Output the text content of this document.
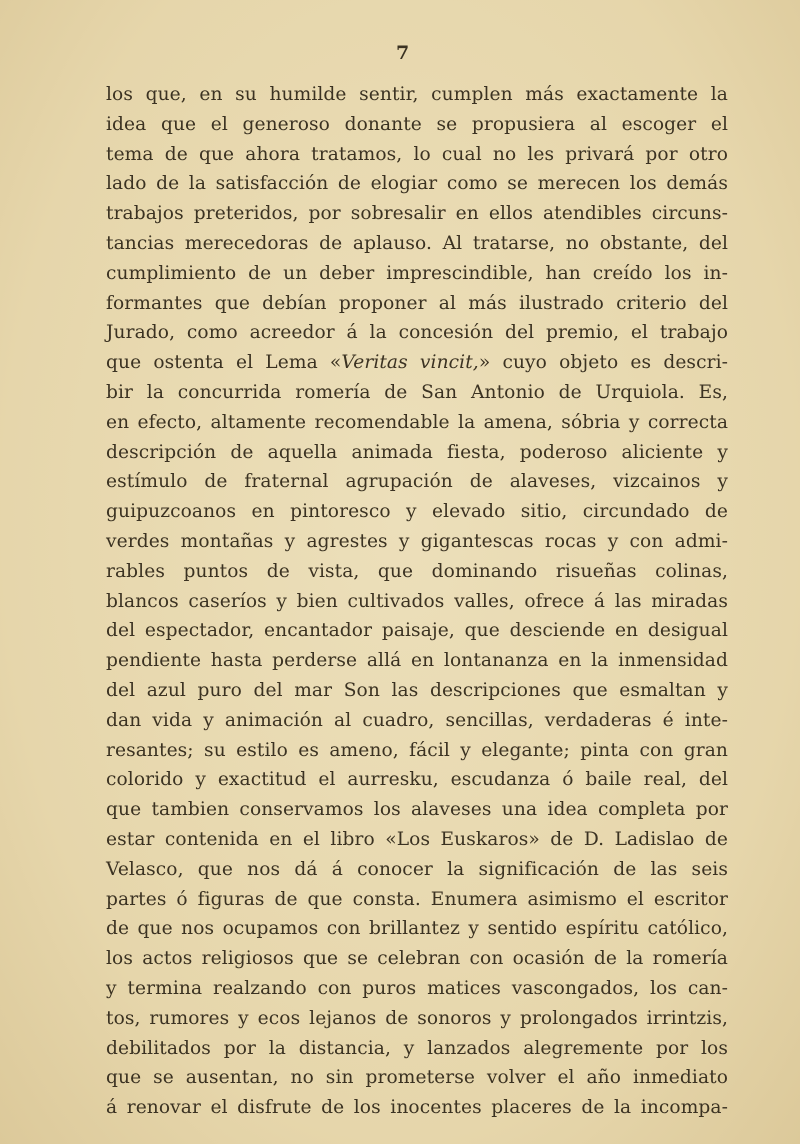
7
los que, en su humilde sentir, cumplen más exactamente la
idea que el generoso donante se propusiera al escoger el
tema de que ahora tratamos, lo cual no les privará por otro
lado de la satisfacción de elogiar como se merecen los demás
trabajos preteridos, por sobresalir en ellos atendibles circuns-
tancias merecedoras de aplauso. Al tratarse, no obstante, del
cumplimiento de un deber imprescindible, han creído los in-
formantes que debían proponer al más ilustrado criterio del
Jurado, como acreedor á la concesión del premio, el trabajo
que ostenta el Lema «Veritas vincit,» cuyo objeto es descri-
bir la concurrida romería de San Antonio de Urquiola. Es,
en efecto, altamente recomendable la amena, sóbria y correcta
descripción de aquella animada fiesta, poderoso aliciente y
estímulo de fraternal agrupación de alaveses, vizcainos y
guipuzcoanos en pintoresco y elevado sitio, circundado de
verdes montañas y agrestes y gigantescas rocas y con admi-
rables puntos de vista, que dominando risueñas colinas,
blancos caseríos y bien cultivados valles, ofrece á las miradas
del espectador, encantador paisaje, que desciende en desigual
pendiente hasta perderse allá en lontananza en la inmensidad
del azul puro del mar Son las descripciones que esmaltan y
dan vida y animación al cuadro, sencillas, verdaderas é inte-
resantes; su estilo es ameno, fácil y elegante; pinta con gran
colorido y exactitud el aurresku, escudanza ó baile real, del
que tambien conservamos los alaveses una idea completa por
estar contenida en el libro «Los Euskaros» de D. Ladislao de
Velasco, que nos dá á conocer la significación de las seis
partes ó figuras de que consta. Enumera asimismo el escritor
de que nos ocupamos con brillantez y sentido espíritu católico,
los actos religiosos que se celebran con ocasión de la romería
y termina realzando con puros matices vascongados, los can-
tos, rumores y ecos lejanos de sonoros y prolongados irrintzis,
debilitados por la distancia, y lanzados alegremente por los
que se ausentan, no sin prometerse volver el año inmediato
á renovar el disfrute de los inocentes placeres de la incompa-
